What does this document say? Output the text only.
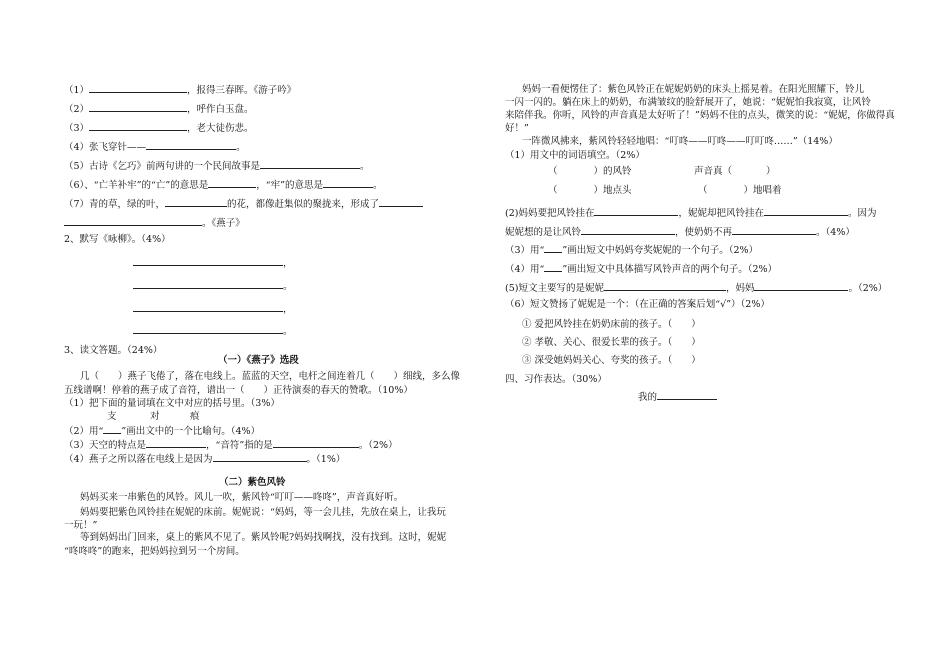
（1）	，报得三春晖。《游子吟》
（2）	，呼作白玉盘。
（3）	，老大徒伤悲。
（4）张飞穿针——	。
（5）古诗《乞巧》前两句讲的一个民间故事是	。
（6）、“亡羊补牢”的“亡”的意思是	，“牢”的意思是	。
（7）青的草，绿的叶，	的花，都像赶集似的聚拢来，形成了
。《燕子》
2、默写《咏柳》。（4%）
，
。
，
。
3、读文答题。（24%）
（一）《燕子》选段
几（　　）燕子飞倦了，落在电线上。蓝蓝的天空，电杆之间连着几（　　）细线，多么像
五线谱啊！停着的燕子成了音符，谱出一（　　）正待演奏的春天的赞歌。（10%）
（1）把下面的量词填在文中对应的括号里。（3%）
支	对	痕
（2）用“ ”画出文中的一个比喻句。（4%）
（3）天空的特点是	，“音符”指的是	。（2%）
（4）燕子之所以落在电线上是因为	。（1%）
（二）紫色风铃
妈妈买来一串紫色的风铃。风儿一吹，紫风铃“叮叮——咚咚”，声音真好听。
妈妈要把紫色风铃挂在妮妮的床前。妮妮说：“妈妈，等一会儿挂，先放在桌上，让我玩
一玩！”
等到妈妈出门回来，桌上的紫风不见了。紫风铃呢?妈妈找啊找，没有找到。这时，妮妮
“咚咚咚”的跑来，把妈妈拉到另一个房间。
妈妈一看便愣住了：紫色风铃正在妮妮奶奶的床头上摇晃着。在阳光照耀下，铃儿
一闪一闪的。躺在床上的奶奶，布满皱纹的脸舒展开了，她说：“妮妮怕我寂寞，让风铃
来陪伴我。你听，风铃的声音真是太好听了！”妈妈不住的点头，微笑的说：“妮妮，你做得真
好！”
一阵微风拂来，紫风铃轻轻地唱：“叮咚——叮咚——叮叮咚……”（14%）
（1）用文中的词语填空。（2%）
（	）的风铃	声音真（	）
（	）地点头	（	）地唱着
(2)妈妈要把风铃挂在	，妮妮却把风铃挂在	。因为
妮妮想的是让风铃	，使奶奶不再	。（4%）
（3）用“ ”画出短文中妈妈夸奖妮妮的一个句子。（2%）
（4）用“ ”画出短文中具体描写风铃声音的两个句子。（2%）
(5)短文主要写的是妮妮	，妈妈	。（2%）
（6）短文赞扬了妮妮是一个：（在正确的答案后划“√”）（2%）
① 爱把风铃挂在奶奶床前的孩子。（　　）
② 孝敬、关心、很爱长辈的孩子。（　　）
③ 深受她妈妈关心、夸奖的孩子。（　　）
四、习作表达。（30%）
我的
